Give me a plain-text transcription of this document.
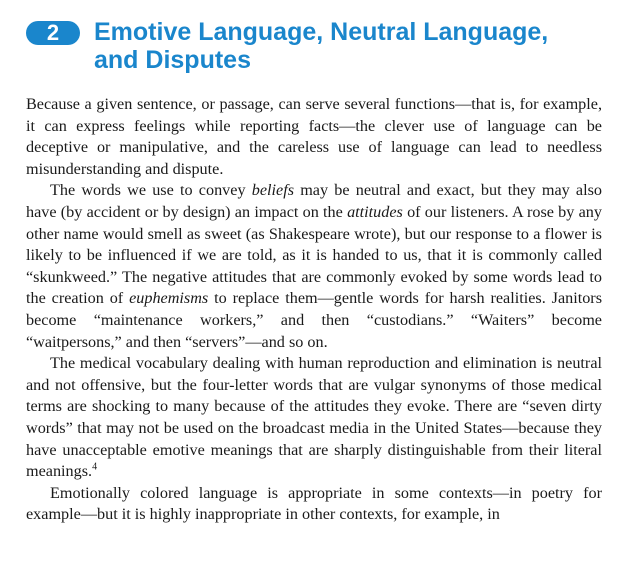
2	Emotive Language, Neutral Language,
and Disputes

Because a given sentence, or passage, can serve several functions—that is, for example, it can express feelings while reporting facts—the clever use of language can be deceptive or manipulative, and the careless use of language can lead to needless misunderstanding and dispute.

The words we use to convey beliefs may be neutral and exact, but they may also have (by accident or by design) an impact on the attitudes of our listeners. A rose by any other name would smell as sweet (as Shakespeare wrote), but our response to a flower is likely to be influenced if we are told, as it is handed to us, that it is commonly called “skunkweed.” The negative attitudes that are commonly evoked by some words lead to the creation of euphemisms to replace them—gentle words for harsh realities. Janitors become “maintenance workers,” and then “custodians.” “Waiters” become “waitpersons,” and then “servers”—and so on.

The medical vocabulary dealing with human reproduction and elimination is neutral and not offensive, but the four-letter words that are vulgar synonyms of those medical terms are shocking to many because of the attitudes they evoke. There are “seven dirty words” that may not be used on the broadcast media in the United States—because they have unacceptable emotive meanings that are sharply distinguishable from their literal meanings.$^4$

Emotionally colored language is appropriate in some contexts—in poetry for example—but it is highly inappropriate in other contexts, for example, in
